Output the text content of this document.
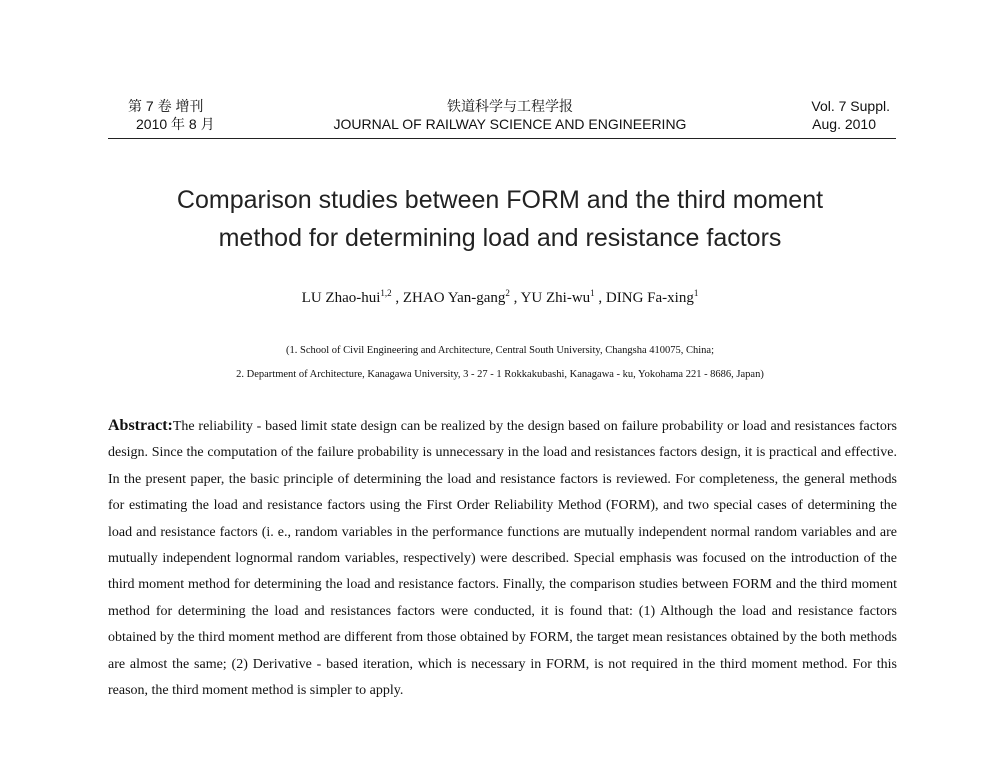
第 7 卷 增刊
2010 年 8 月
铁道科学与工程学报
JOURNAL OF RAILWAY SCIENCE AND ENGINEERING
Vol. 7 Suppl.
Aug. 2010
Comparison studies between FORM and the third moment
method for determining load and resistance factors
LU Zhao-hui$^{1,2}$ , ZHAO Yan-gang$^2$ , YU Zhi-$wu^1$ , DING Fa-xing$^1$
(1. School of Civil Engineering and Architecture, Central South University, Changsha 410075, China;
2. Department of Architecture, Kanagawa University, 3 - 27 - 1 Rokkakubashi, Kanagawa - ku, Yokohama 221 - 8686, Japan)
Abstract:The reliability - based limit state design can be realized by the design based on failure probability or load and resistances factors design. Since the computation of the failure probability is unnecessary in the load and resistances factors design, it is practical and effective. In the present paper, the basic principle of determining the load and resistance factors is reviewed. For completeness, the general methods for estimating the load and resistance factors using the First Order Reliability Method (FORM), and two special cases of determining the load and resistance factors (i. e., random variables in the performance functions are mutually independent normal random variables and are mutually independent lognormal random variables, respectively) were described. Special emphasis was focused on the introduction of the third moment method for determining the load and resistance factors. Finally, the comparison studies between FORM and the third moment method for determining the load and resistances factors were conducted, it is found that: (1) Although the load and resistance factors obtained by the third moment method are different from those obtained by FORM, the target mean resistances obtained by the both methods are almost the same; (2) Derivative - based iteration, which is necessary in FORM, is not required in the third moment method. For this reason, the third moment method is simpler to apply.
